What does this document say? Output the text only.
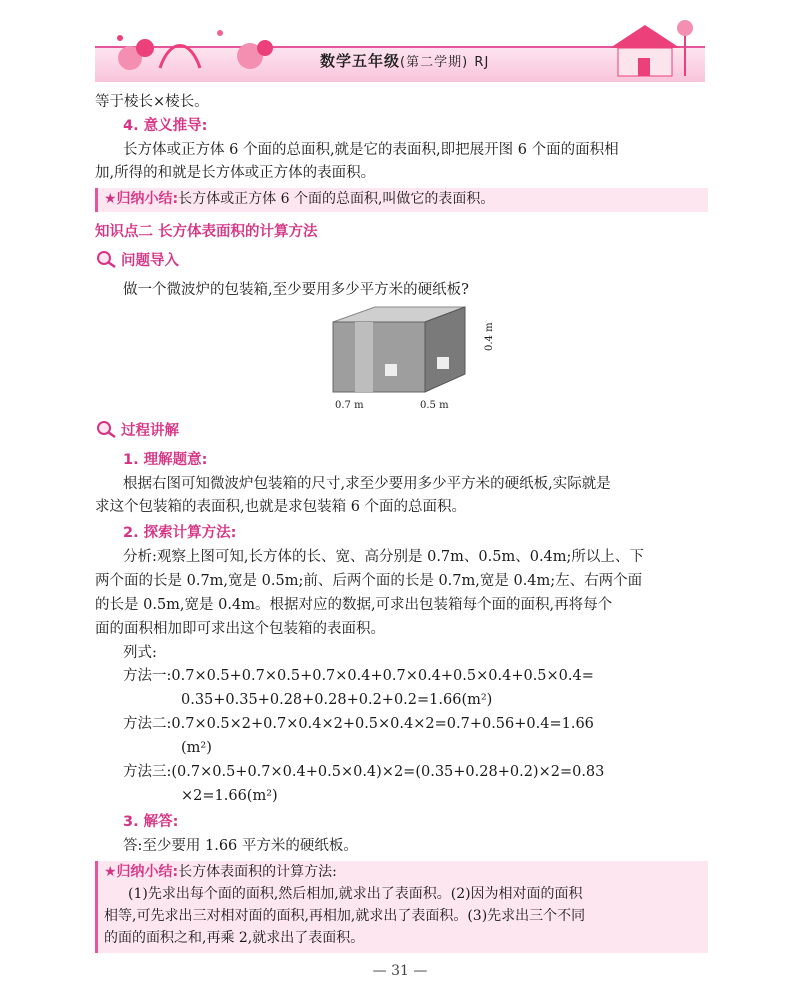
数学五年级(第二学期) RJ
等于棱长×棱长。
4. 意义推导:
长方体或正方体 6 个面的总面积,就是它的表面积,即把展开图 6 个面的面积相
加,所得的和就是长方体或正方体的表面积。
★归纳小结:长方体或正方体 6 个面的总面积,叫做它的表面积。
知识点二 长方体表面积的计算方法
问题导入
做一个微波炉的包装箱,至少要用多少平方米的硬纸板?
0.7 m	0.5 m
0.4 m
过程讲解
1. 理解题意:
根据右图可知微波炉包装箱的尺寸,求至少要用多少平方米的硬纸板,实际就是
求这个包装箱的表面积,也就是求包装箱 6 个面的总面积。
2. 探索计算方法:
分析:观察上图可知,长方体的长、宽、高分别是 0.7m、0.5m、0.4m;所以上、下
两个面的长是 0.7m,宽是 0.5m;前、后两个面的长是 0.7m,宽是 0.4m;左、右两个面
的长是 0.5m,宽是 0.4m。根据对应的数据,可求出包装箱每个面的面积,再将每个
面的面积相加即可求出这个包装箱的表面积。
列式:
方法一:0.7×0.5+0.7×0.5+0.7×0.4+0.7×0.4+0.5×0.4+0.5×0.4=
0.35+0.35+0.28+0.28+0.2+0.2=1.66(m²)
方法二:0.7×0.5×2+0.7×0.4×2+0.5×0.4×2=0.7+0.56+0.4=1.66
(m²)
方法三:(0.7×0.5+0.7×0.4+0.5×0.4)×2=(0.35+0.28+0.2)×2=0.83
×2=1.66(m²)
3. 解答:
答:至少要用 1.66 平方米的硬纸板。
★归纳小结:长方体表面积的计算方法:
(1)先求出每个面的面积,然后相加,就求出了表面积。(2)因为相对面的面积
相等,可先求出三对相对面的面积,再相加,就求出了表面积。(3)先求出三个不同
的面的面积之和,再乘 2,就求出了表面积。
— 31 —
